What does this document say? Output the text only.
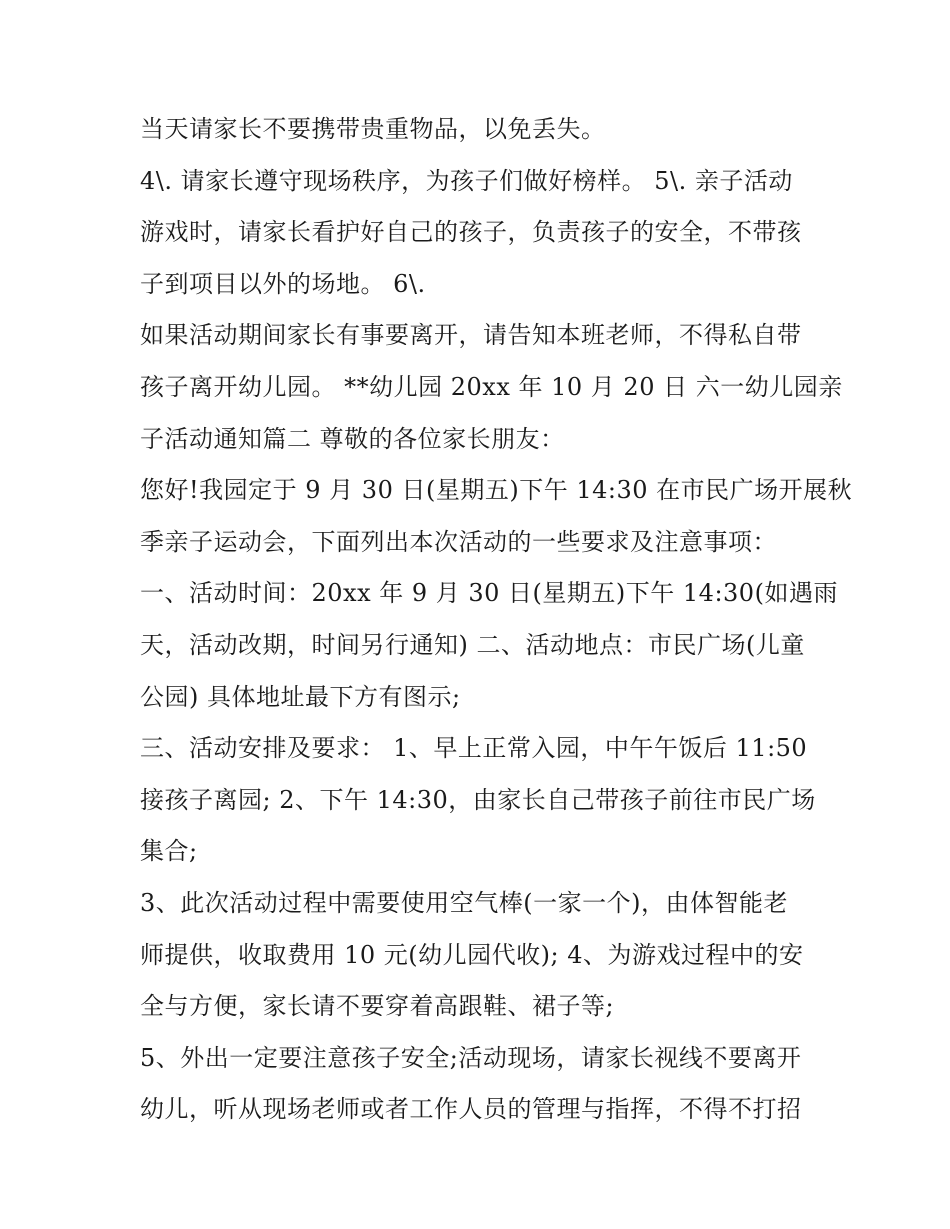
当天请家长不要携带贵重物品，以免丢失。
4\. 请家长遵守现场秩序，为孩子们做好榜样。 5\. 亲子活动
游戏时，请家长看护好自己的孩子，负责孩子的安全，不带孩
子到项目以外的场地。 6\.
如果活动期间家长有事要离开，请告知本班老师，不得私自带
孩子离开幼儿园。 **幼儿园 20xx 年 10 月 20 日 六一幼儿园亲
子活动通知篇二 尊敬的各位家长朋友：
您好!我园定于 9 月 30 日(星期五)下午 14:30 在市民广场开展秋
季亲子运动会，下面列出本次活动的一些要求及注意事项：
一、活动时间：20xx 年 9 月 30 日(星期五)下午 14:30(如遇雨
天，活动改期，时间另行通知) 二、活动地点：市民广场(儿童
公园) 具体地址最下方有图示;
三、活动安排及要求： 1、早上正常入园，中午午饭后 11:50
接孩子离园; 2、下午 14:30，由家长自己带孩子前往市民广场
集合;
3、此次活动过程中需要使用空气棒(一家一个)，由体智能老
师提供，收取费用 10 元(幼儿园代收); 4、为游戏过程中的安
全与方便，家长请不要穿着高跟鞋、裙子等;
5、外出一定要注意孩子安全;活动现场，请家长视线不要离开
幼儿，听从现场老师或者工作人员的管理与指挥，不得不打招
